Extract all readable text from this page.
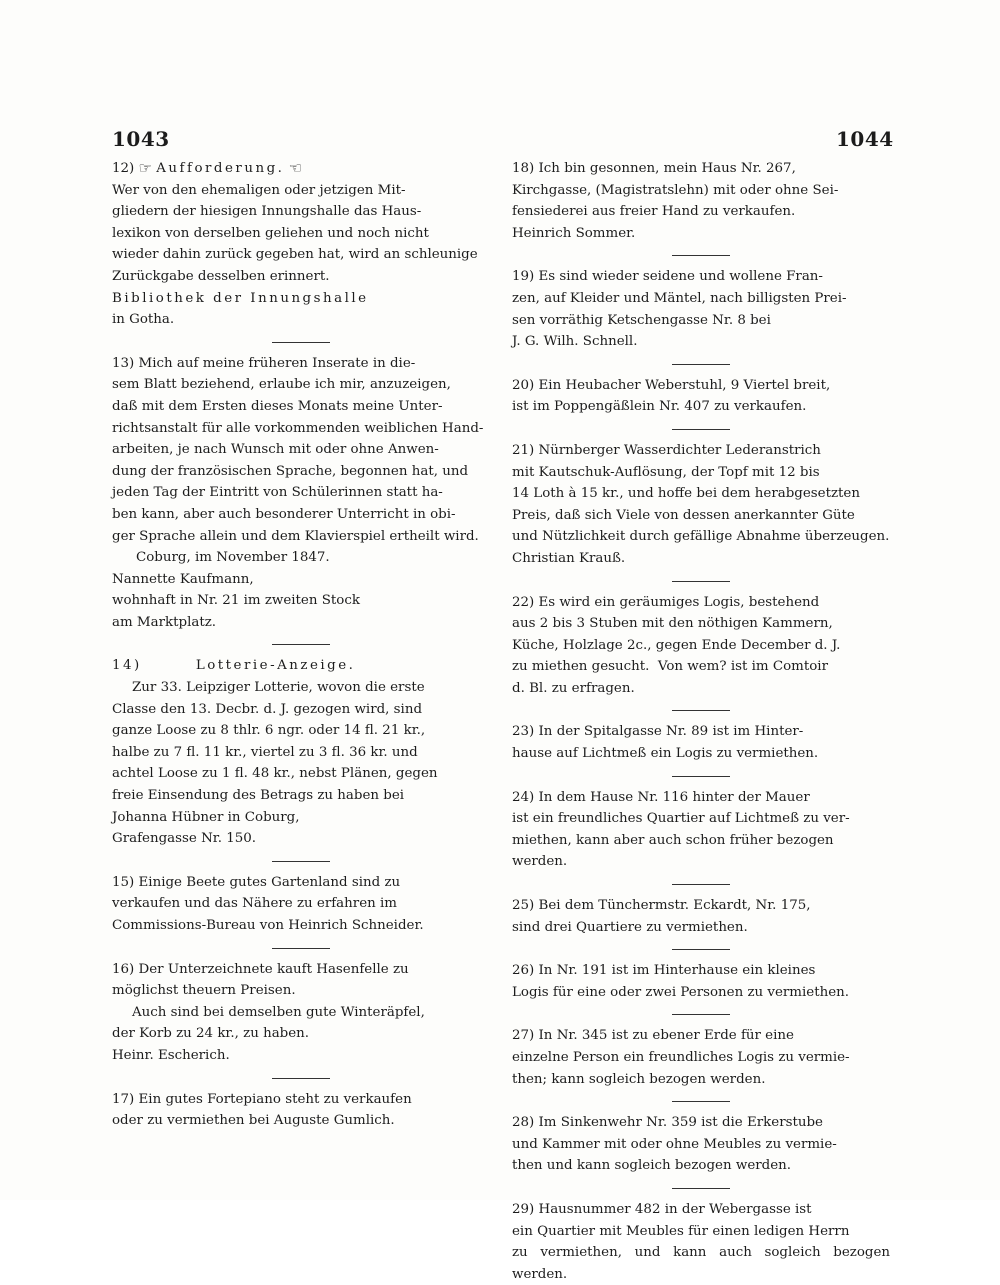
1043	1044

12) ☞ Aufforderung. ☜

Wer von den ehemaligen oder jetzigen Mit-

gliedern der hiesigen Innungshalle das Haus-

lexikon von derselben geliehen und noch nicht

wieder dahin zurück gegeben hat, wird an schleunige

Zurückgabe desselben erinnert.

Bibliothek der Innungshalle

in Gotha.

13) Mich auf meine früheren Inserate in die-

sem Blatt beziehend, erlaube ich mir, anzuzeigen,

daß mit dem Ersten dieses Monats meine Unter-

richtsanstalt für alle vorkommenden weiblichen Hand-

arbeiten, je nach Wunsch mit oder ohne Anwen-

dung der französischen Sprache, begonnen hat, und

jeden Tag der Eintritt von Schülerinnen statt ha-

ben kann, aber auch besonderer Unterricht in obi-

ger Sprache allein und dem Klavierspiel ertheilt wird.

Coburg, im November 1847.

Nannette Kaufmann,

wohnhaft in Nr. 21 im zweiten Stock

am Marktplatz.

14)        Lotterie-Anzeige.

Zur 33. Leipziger Lotterie, wovon die erste

Classe den 13. Decbr. d. J. gezogen wird, sind

ganze Loose zu 8 thlr. 6 ngr. oder 14 fl. 21 kr.,

halbe zu 7 fl. 11 kr., viertel zu 3 fl. 36 kr. und

achtel Loose zu 1 fl. 48 kr., nebst Plänen, gegen

freie Einsendung des Betrags zu haben bei

Johanna Hübner in Coburg,

Grafengasse Nr. 150.

15) Einige Beete gutes Gartenland sind zu

verkaufen und das Nähere zu erfahren im

Commissions-Bureau von Heinrich Schneider.

16) Der Unterzeichnete kauft Hasenfelle zu

möglichst theuern Preisen.

Auch sind bei demselben gute Winteräpfel,

der Korb zu 24 kr., zu haben.

Heinr. Escherich.

17) Ein gutes Fortepiano steht zu verkaufen

oder zu vermiethen bei Auguste Gumlich.

18) Ich bin gesonnen, mein Haus Nr. 267,

Kirchgasse, (Magistratslehn) mit oder ohne Sei-

fensiederei aus freier Hand zu verkaufen.

Heinrich Sommer.

19) Es sind wieder seidene und wollene Fran-

zen, auf Kleider und Mäntel, nach billigsten Prei-

sen vorräthig Ketschengasse Nr. 8 bei

J. G. Wilh. Schnell.

20) Ein Heubacher Weberstuhl, 9 Viertel breit,

ist im Poppengäßlein Nr. 407 zu verkaufen.

21) Nürnberger Wasserdichter Lederanstrich

mit Kautschuk-Auflösung, der Topf mit 12 bis

14 Loth à 15 kr., und hoffe bei dem herabgesetzten

Preis, daß sich Viele von dessen anerkannter Güte

und Nützlichkeit durch gefällige Abnahme überzeugen.

Christian Krauß.

22) Es wird ein geräumiges Logis, bestehend

aus 2 bis 3 Stuben mit den nöthigen Kammern,

Küche, Holzlage 2c., gegen Ende December d. J.

zu miethen gesucht.  Von wem? ist im Comtoir

d. Bl. zu erfragen.

23) In der Spitalgasse Nr. 89 ist im Hinter-

hause auf Lichtmeß ein Logis zu vermiethen.

24) In dem Hause Nr. 116 hinter der Mauer

ist ein freundliches Quartier auf Lichtmeß zu ver-

miethen, kann aber auch schon früher bezogen werden.

25) Bei dem Tünchermstr. Eckardt, Nr. 175,

sind drei Quartiere zu vermiethen.

26) In Nr. 191 ist im Hinterhause ein kleines

Logis für eine oder zwei Personen zu vermiethen.

27) In Nr. 345 ist zu ebener Erde für eine

einzelne Person ein freundliches Logis zu vermie-

then; kann sogleich bezogen werden.

28) Im Sinkenwehr Nr. 359 ist die Erkerstube

und Kammer mit oder ohne Meubles zu vermie-

then und kann sogleich bezogen werden.

29) Hausnummer 482 in der Webergasse ist

ein Quartier mit Meubles für einen ledigen Herrn

zu vermiethen, und kann auch sogleich bezogen werden.
